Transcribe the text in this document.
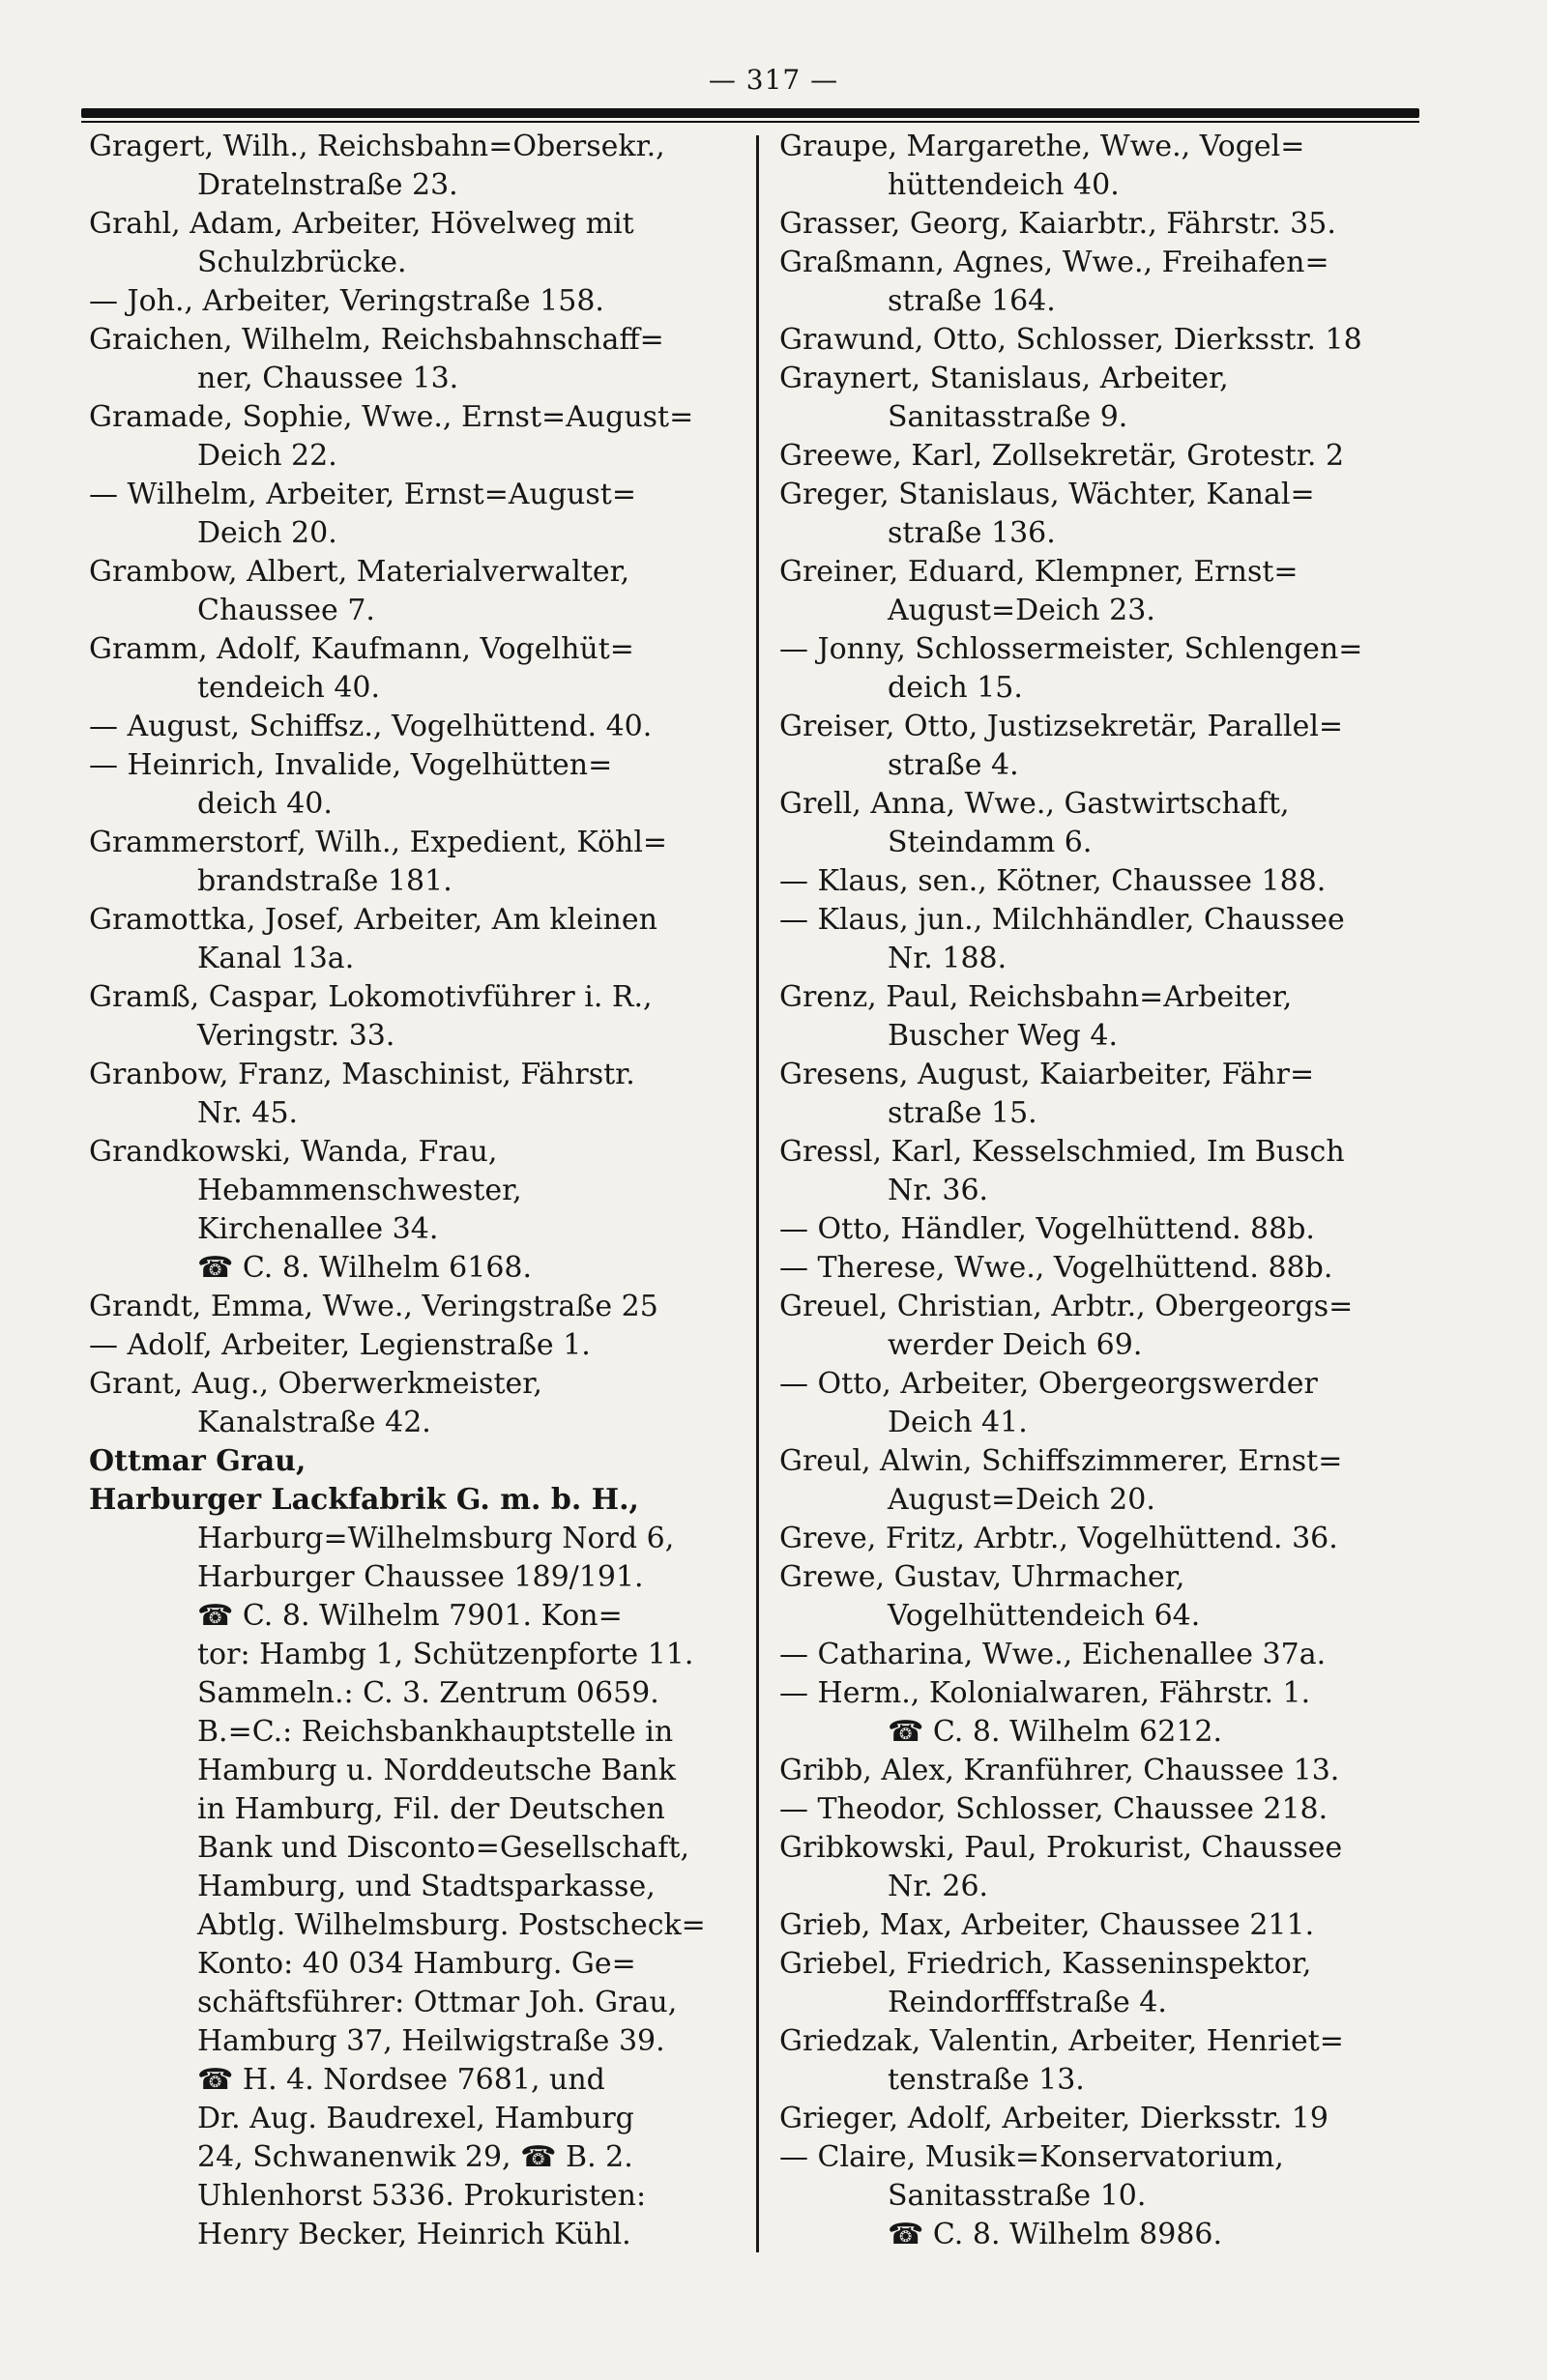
— 317 —
Gragert, Wilh., Reichsbahn=Obersekr.,
Dratelnstraße 23.
Grahl, Adam, Arbeiter, Hövelweg mit
Schulzbrücke.
— Joh., Arbeiter, Veringstraße 158.
Graichen, Wilhelm, Reichsbahnschaff=
ner, Chaussee 13.
Gramade, Sophie, Wwe., Ernst=August=
Deich 22.
— Wilhelm, Arbeiter, Ernst=August=
Deich 20.
Grambow, Albert, Materialverwalter,
Chaussee 7.
Gramm, Adolf, Kaufmann, Vogelhüt=
tendeich 40.
— August, Schiffsz., Vogelhüttend. 40.
— Heinrich, Invalide, Vogelhütten=
deich 40.
Grammerstorf, Wilh., Expedient, Köhl=
brandstraße 181.
Gramottka, Josef, Arbeiter, Am kleinen
Kanal 13a.
Gramß, Caspar, Lokomotivführer i. R.,
Veringstr. 33.
Granbow, Franz, Maschinist, Fährstr.
Nr. 45.
Grandkowski, Wanda, Frau,
Hebammenschwester,
Kirchenallee 34.
☎ C. 8. Wilhelm 6168.
Grandt, Emma, Wwe., Veringstraße 25
— Adolf, Arbeiter, Legienstraße 1.
Grant, Aug., Oberwerkmeister,
Kanalstraße 42.
Ottmar Grau,
Harburger Lackfabrik G. m. b. H.,
Harburg=Wilhelmsburg Nord 6,
Harburger Chaussee 189/191.
☎ C. 8. Wilhelm 7901. Kon=
tor: Hambg 1, Schützenpforte 11.
Sammeln.: C. 3. Zentrum 0659.
B.=C.: Reichsbankhauptstelle in
Hamburg u. Norddeutsche Bank
in Hamburg, Fil. der Deutschen
Bank und Disconto=Gesellschaft,
Hamburg, und Stadtsparkasse,
Abtlg. Wilhelmsburg. Postscheck=
Konto: 40 034 Hamburg. Ge=
schäftsführer: Ottmar Joh. Grau,
Hamburg 37, Heilwigstraße 39.
☎ H. 4. Nordsee 7681, und
Dr. Aug. Baudrexel, Hamburg
24, Schwanenwik 29, ☎ B. 2.
Uhlenhorst 5336. Prokuristen:
Henry Becker, Heinrich Kühl.
Graupe, Margarethe, Wwe., Vogel=
hüttendeich 40.
Grasser, Georg, Kaiarbtr., Fährstr. 35.
Graßmann, Agnes, Wwe., Freihafen=
straße 164.
Grawund, Otto, Schlosser, Dierksstr. 18
Graynert, Stanislaus, Arbeiter,
Sanitasstraße 9.
Greewe, Karl, Zollsekretär, Grotestr. 2
Greger, Stanislaus, Wächter, Kanal=
straße 136.
Greiner, Eduard, Klempner, Ernst=
August=Deich 23.
— Jonny, Schlossermeister, Schlengen=
deich 15.
Greiser, Otto, Justizsekretär, Parallel=
straße 4.
Grell, Anna, Wwe., Gastwirtschaft,
Steindamm 6.
— Klaus, sen., Kötner, Chaussee 188.
— Klaus, jun., Milchhändler, Chaussee
Nr. 188.
Grenz, Paul, Reichsbahn=Arbeiter,
Buscher Weg 4.
Gresens, August, Kaiarbeiter, Fähr=
straße 15.
Gressl, Karl, Kesselschmied, Im Busch
Nr. 36.
— Otto, Händler, Vogelhüttend. 88b.
— Therese, Wwe., Vogelhüttend. 88b.
Greuel, Christian, Arbtr., Obergeorgs=
werder Deich 69.
— Otto, Arbeiter, Obergeorgswerder
Deich 41.
Greul, Alwin, Schiffszimmerer, Ernst=
August=Deich 20.
Greve, Fritz, Arbtr., Vogelhüttend. 36.
Grewe, Gustav, Uhrmacher,
Vogelhüttendeich 64.
— Catharina, Wwe., Eichenallee 37a.
— Herm., Kolonialwaren, Fährstr. 1.
☎ C. 8. Wilhelm 6212.
Gribb, Alex, Kranführer, Chaussee 13.
— Theodor, Schlosser, Chaussee 218.
Gribkowski, Paul, Prokurist, Chaussee
Nr. 26.
Grieb, Max, Arbeiter, Chaussee 211.
Griebel, Friedrich, Kasseninspektor,
Reindorfffstraße 4.
Griedzak, Valentin, Arbeiter, Henriet=
tenstraße 13.
Grieger, Adolf, Arbeiter, Dierksstr. 19
— Claire, Musik=Konservatorium,
Sanitasstraße 10.
☎ C. 8. Wilhelm 8986.
